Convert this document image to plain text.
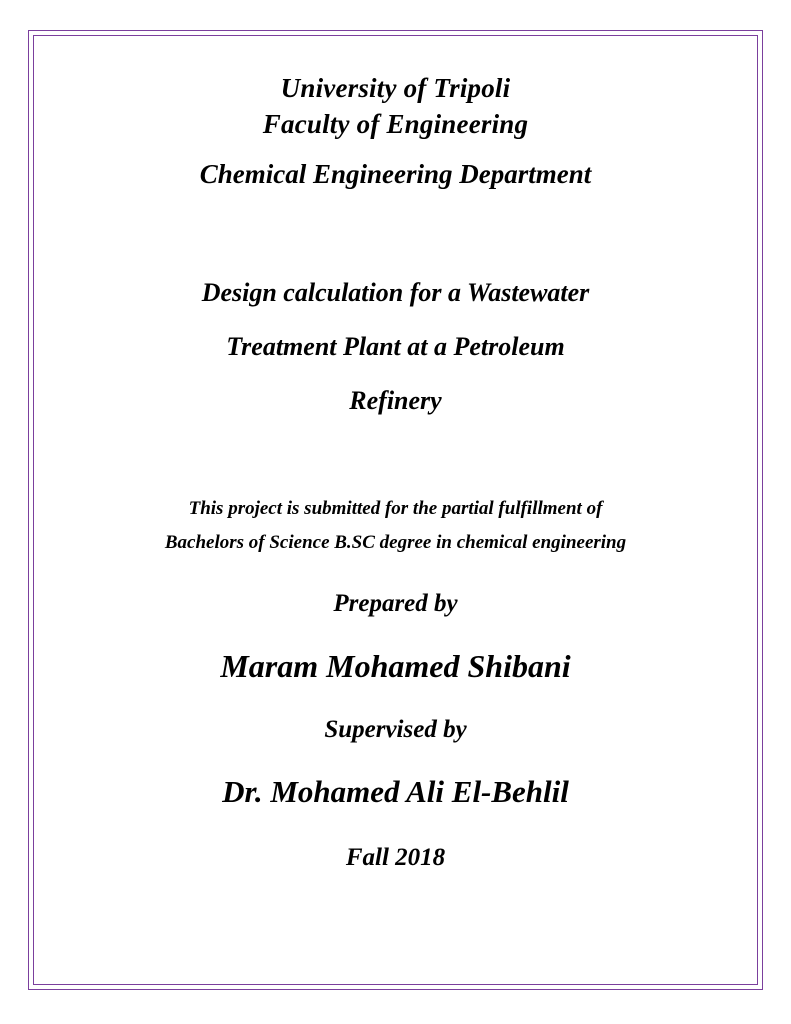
University of Tripoli
Faculty of Engineering
Chemical Engineering Department
Design calculation for a Wastewater
Treatment Plant at a Petroleum
Refinery
This project is submitted for the partial fulfillment of
Bachelors of Science B.SC degree in chemical engineering
Prepared by
Maram Mohamed Shibani
Supervised by
Dr. Mohamed Ali El-Behlil
Fall 2018
